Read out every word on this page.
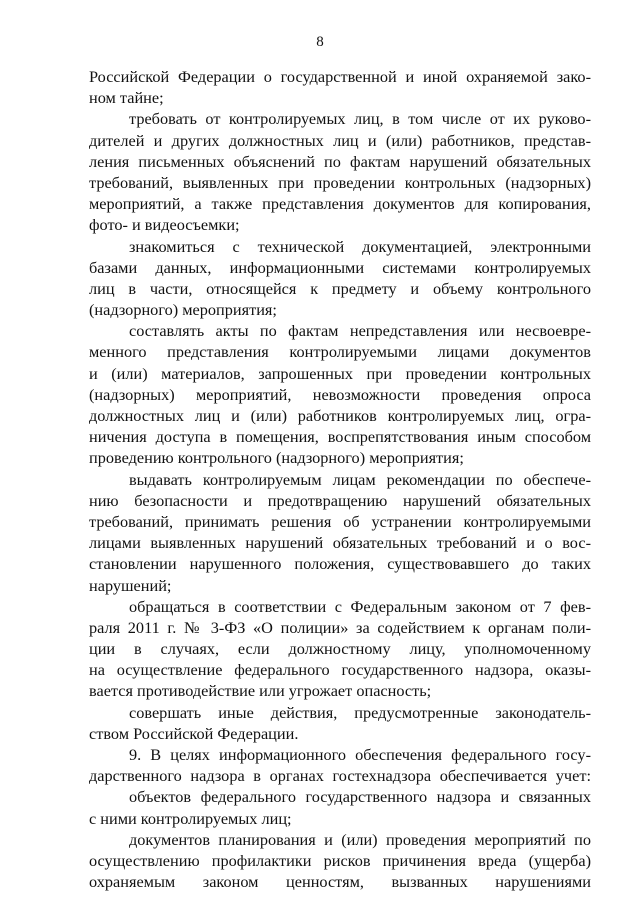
8
Российской Федерации о государственной и иной охраняемой зако-
ном тайне;
требовать от контролируемых лиц, в том числе от их руково-
дителей и других должностных лиц и (или) работников, представ-
ления письменных объяснений по фактам нарушений обязательных
требований, выявленных при проведении контрольных (надзорных)
мероприятий, а также представления документов для копирования,
фото- и видеосъемки;
знакомиться с технической документацией, электронными
базами данных, информационными системами контролируемых
лиц в части, относящейся к предмету и объему контрольного
(надзорного) мероприятия;
составлять акты по фактам непредставления или несвоевре-
менного представления контролируемыми лицами документов
и (или) материалов, запрошенных при проведении контрольных
(надзорных) мероприятий, невозможности проведения опроса
должностных лиц и (или) работников контролируемых лиц, огра-
ничения доступа в помещения, воспрепятствования иным способом
проведению контрольного (надзорного) мероприятия;
выдавать контролируемым лицам рекомендации по обеспече-
нию безопасности и предотвращению нарушений обязательных
требований, принимать решения об устранении контролируемыми
лицами выявленных нарушений обязательных требований и о вос-
становлении нарушенного положения, существовавшего до таких
нарушений;
обращаться в соответствии с Федеральным законом от 7 фев-
раля 2011 г. № 3-ФЗ «О полиции» за содействием к органам поли-
ции в случаях, если должностному лицу, уполномоченному
на осуществление федерального государственного надзора, оказы-
вается противодействие или угрожает опасность;
совершать иные действия, предусмотренные законодатель-
ством Российской Федерации.
9. В целях информационного обеспечения федерального госу-
дарственного надзора в органах гостехнадзора обеспечивается учет:
объектов федерального государственного надзора и связанных
с ними контролируемых лиц;
документов планирования и (или) проведения мероприятий по
осуществлению профилактики рисков причинения вреда (ущерба)
охраняемым законом ценностям, вызванных нарушениями
